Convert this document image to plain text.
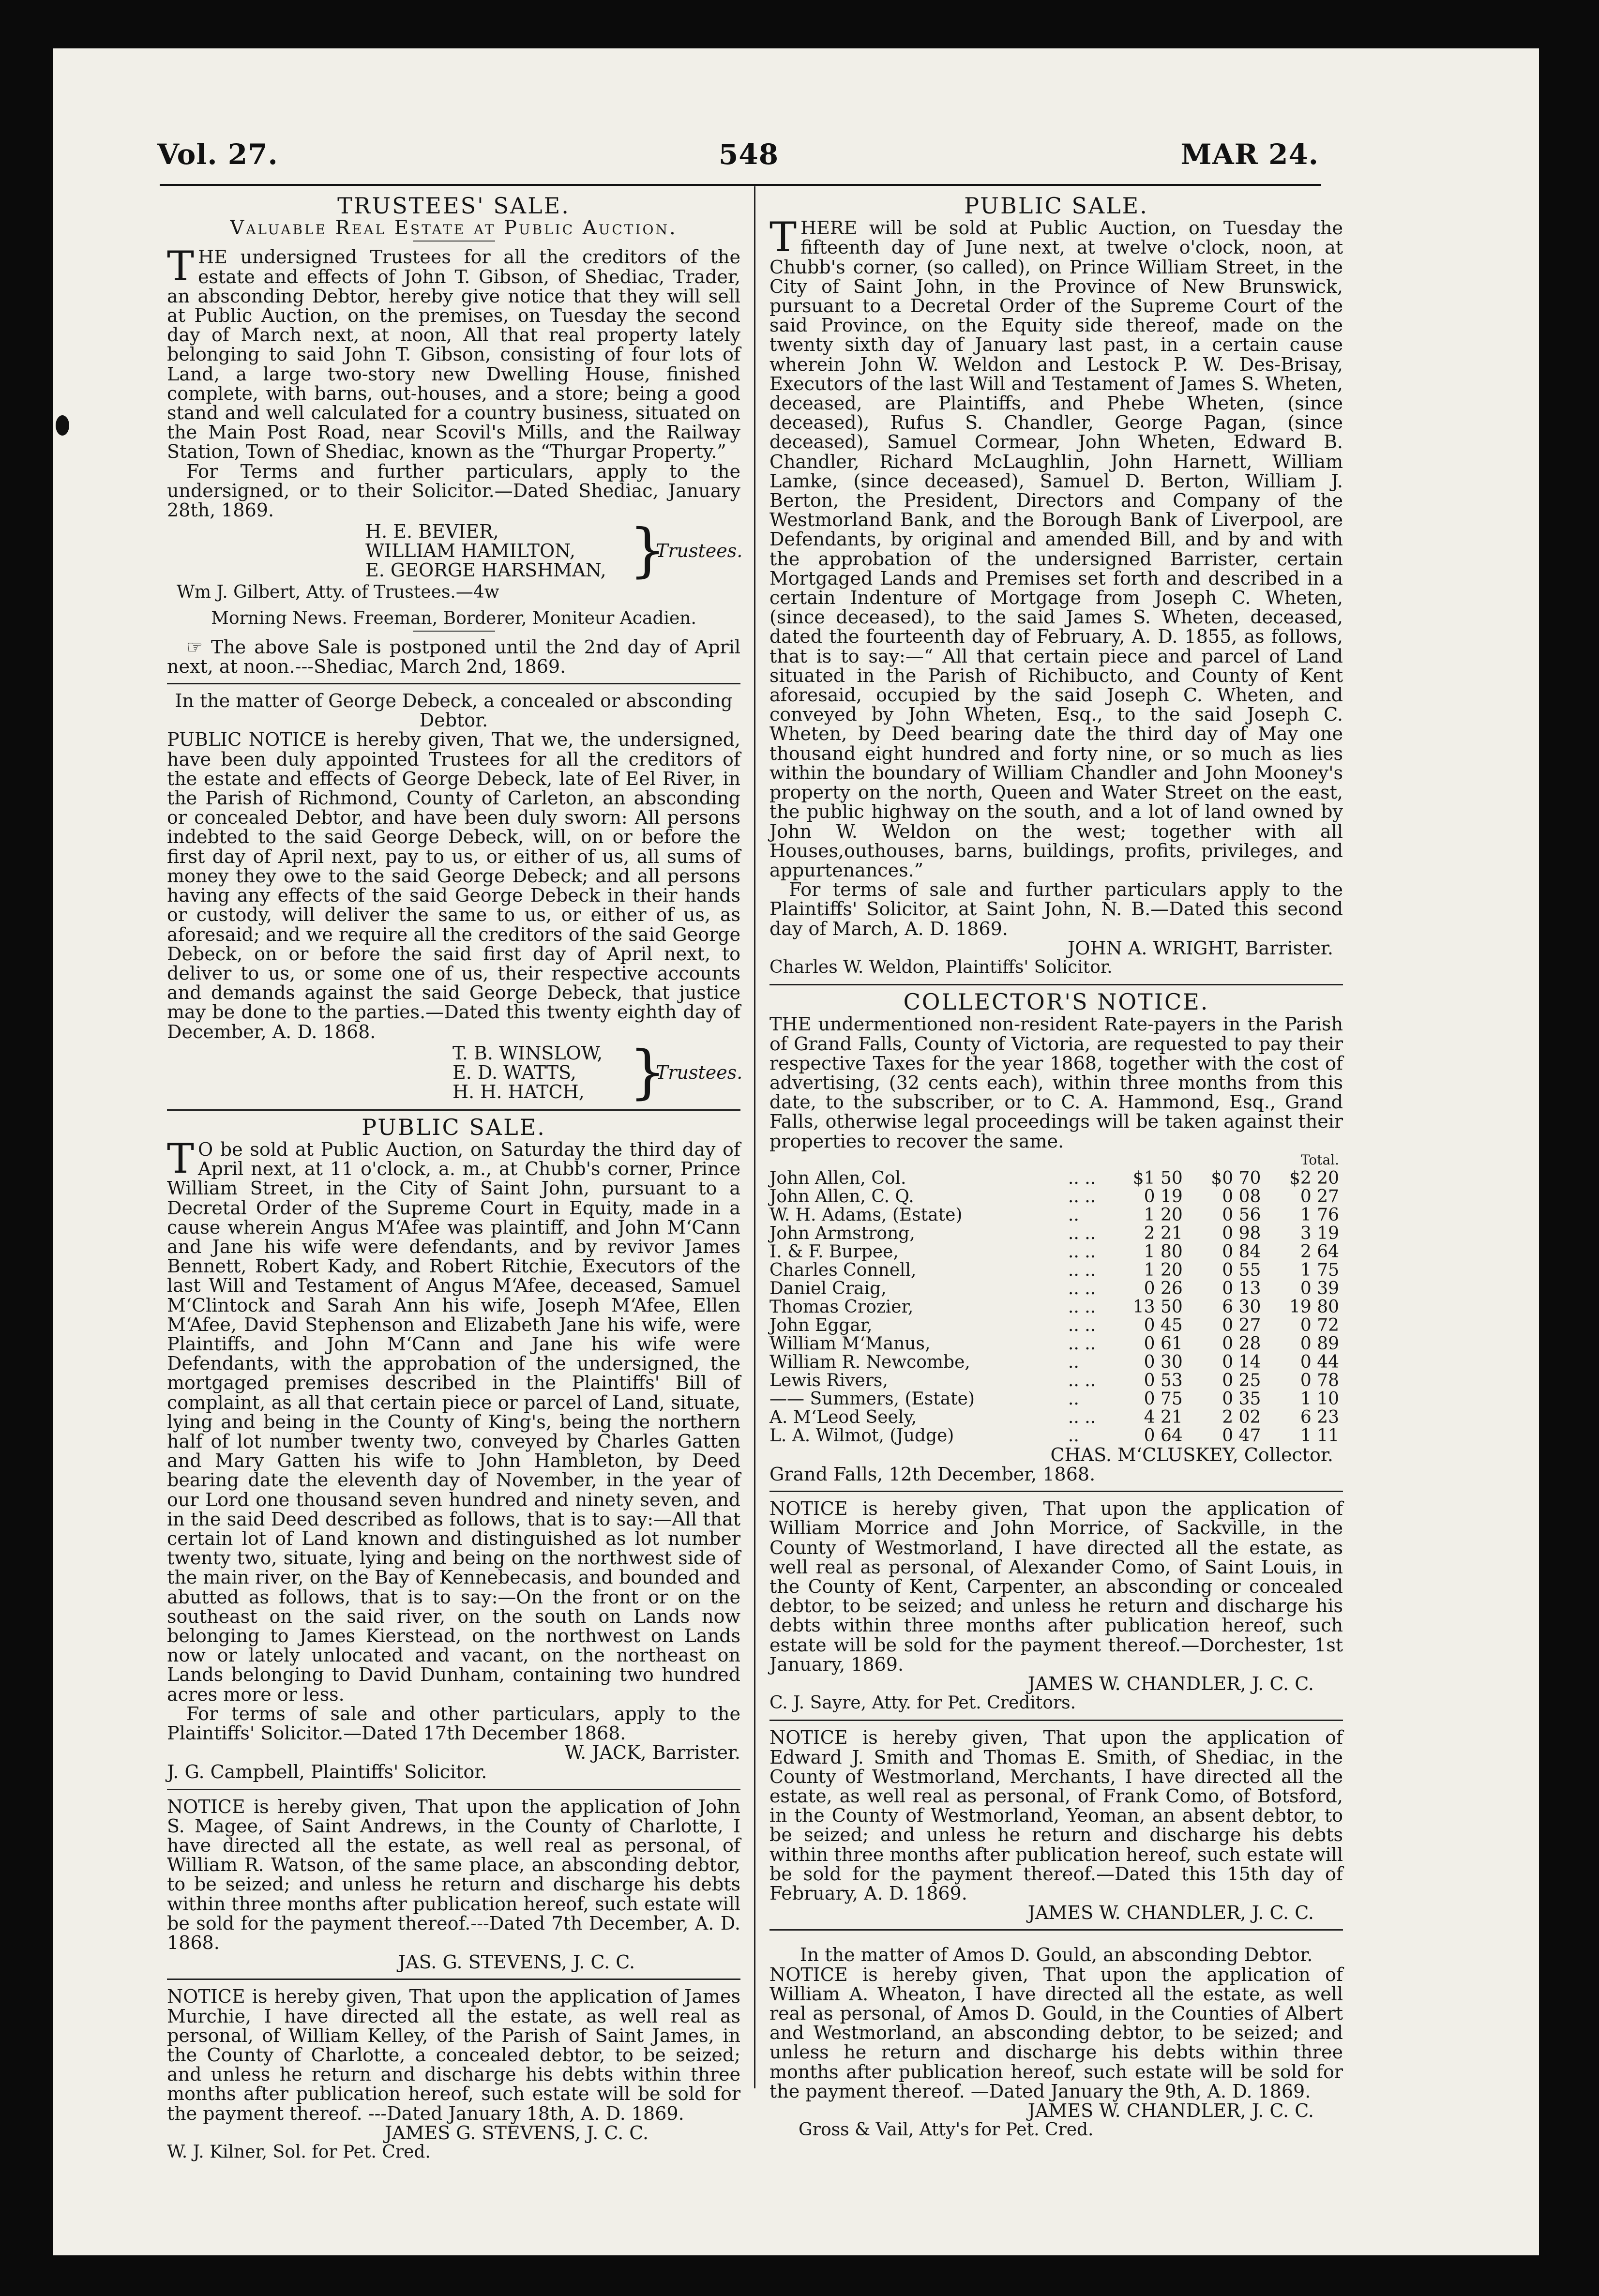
Vol. 27.	548	MAR 24.
TRUSTEES' SALE.
Valuable Real Estate at Public Auction.

THE undersigned Trustees for all the creditors of the estate and effects of John T. Gibson, of Shediac, Trader, an absconding Debtor, hereby give notice that they will sell at Public Auction, on the premises, on Tuesday the second day of March next, at noon, All that real property lately belonging to said John T. Gibson, consisting of four lots of Land, a large two-story new Dwelling House, finished complete, with barns, out-houses, and a store; being a good stand and well calculated for a country business, situated on the Main Post Road, near Scovil's Mills, and the Railway Station, Town of Shediac, known as the “Thurgar Property.”

For Terms and further particulars, apply to the undersigned, or to their Solicitor.—Dated Shediac, January 28th, 1869.

H. E. BEVIER,
WILLIAM HAMILTON,
E. GEORGE HARSHMAN, }
Trustees.

Wm J. Gilbert, Atty. of Trustees.—4w

Morning News. Freeman, Borderer, Moniteur Acadien.

☞ The above Sale is postponed until the 2nd day of April next, at noon.---Shediac, March 2nd, 1869.

In the matter of George Debeck, a concealed or absconding Debtor.

PUBLIC NOTICE is hereby given, That we, the undersigned, have been duly appointed Trustees for all the creditors of the estate and effects of George Debeck, late of Eel River, in the Parish of Richmond, County of Carleton, an absconding or concealed Debtor, and have been duly sworn: All persons indebted to the said George Debeck, will, on or before the first day of April next, pay to us, or either of us, all sums of money they owe to the said George Debeck; and all persons having any effects of the said George Debeck in their hands or custody, will deliver the same to us, or either of us, as aforesaid; and we require all the creditors of the said George Debeck, on or before the said first day of April next, to deliver to us, or some one of us, their respective accounts and demands against the said George Debeck, that justice may be done to the parties.—Dated this twenty eighth day of December, A. D. 1868.

T. B. WINSLOW,
E. D. WATTS,
H. H. HATCH, }
Trustees.
PUBLIC SALE.

T O be sold at Public Auction, on Saturday the third day of April next, at 11 o'clock, a. m., at Chubb's corner, Prince William Street, in the City of Saint John, pursuant to a Decretal Order of the Supreme Court in Equity, made in a cause wherein Angus M‘Afee was plaintiff, and John M‘Cann and Jane his wife were defendants, and by revivor James Bennett, Robert Kady, and Robert Ritchie, Executors of the last Will and Testament of Angus M‘Afee, deceased, Samuel M‘Clintock and Sarah Ann his wife, Joseph M‘Afee, Ellen M‘Afee, David Stephenson and Elizabeth Jane his wife, were Plaintiffs, and John M‘Cann and Jane his wife were Defendants, with the approbation of the undersigned, the mortgaged premises described in the Plaintiffs' Bill of complaint, as all that certain piece or parcel of Land, situate, lying and being in the County of King's, being the northern half of lot number twenty two, conveyed by Charles Gatten and Mary Gatten his wife to John Hambleton, by Deed bearing date the eleventh day of November, in the year of our Lord one thousand seven hundred and ninety seven, and in the said Deed described as follows, that is to say:—All that certain lot of Land known and distinguished as lot number twenty two, situate, lying and being on the northwest side of the main river, on the Bay of Kennebecasis, and bounded and abutted as follows, that is to say:—On the front or on the southeast on the said river, on the south on Lands now belonging to James Kierstead, on the northwest on Lands now or lately unlocated and vacant, on the northeast on Lands belonging to David Dunham, containing two hundred acres more or less.

For terms of sale and other particulars, apply to the Plaintiffs' Solicitor.—Dated 17th December 1868.

W. JACK, Barrister.

J. G. Campbell, Plaintiffs' Solicitor.

NOTICE is hereby given, That upon the application of John S. Magee, of Saint Andrews, in the County of Charlotte, I have directed all the estate, as well real as personal, of William R. Watson, of the same place, an absconding debtor, to be seized; and unless he return and discharge his debts within three months after publication hereof, such estate will be sold for the payment thereof.---Dated 7th December, A. D. 1868.

JAS. G. STEVENS, J. C. C.

NOTICE is hereby given, That upon the application of James Murchie, I have directed all the estate, as well real as personal, of William Kelley, of the Parish of Saint James, in the County of Charlotte, a concealed debtor, to be seized; and unless he return and discharge his debts within three months after publication hereof, such estate will be sold for the payment thereof. ---Dated January 18th, A. D. 1869.

JAMES G. STEVENS, J. C. C.

W. J. Kilner, Sol. for Pet. Cred.

PUBLIC SALE.

THERE will be sold at Public Auction, on Tuesday the fifteenth day of June next, at twelve o'clock, noon, at Chubb's corner, (so called), on Prince William Street, in the City of Saint John, in the Province of New Brunswick, pursuant to a Decretal Order of the Supreme Court of the said Province, on the Equity side thereof, made on the twenty sixth day of January last past, in a certain cause wherein John W. Weldon and Lestock P. W. Des-Brisay, Executors of the last Will and Testament of James S. Wheten, deceased, are Plaintiffs, and Phebe Wheten, (since deceased), Rufus S. Chandler, George Pagan, (since deceased), Samuel Cormear, John Wheten, Edward B. Chandler, Richard McLaughlin, John Harnett, William Lamke, (since deceased), Samuel D. Berton, William J. Berton, the President, Directors and Company of the Westmorland Bank, and the Borough Bank of Liverpool, are Defendants, by original and amended Bill, and by and with the approbation of the undersigned Barrister, certain Mortgaged Lands and Premises set forth and described in a certain Indenture of Mortgage from Joseph C. Wheten, (since deceased), to the said James S. Wheten, deceased, dated the fourteenth day of February, A. D. 1855, as follows, that is to say:—“ All that certain piece and parcel of Land situated in the Parish of Richibucto, and County of Kent aforesaid, occupied by the said Joseph C. Wheten, and conveyed by John Wheten, Esq., to the said Joseph C. Wheten, by Deed bearing date the third day of May one thousand eight hundred and forty nine, or so much as lies within the boundary of William Chandler and John Mooney's property on the north, Queen and Water Street on the east, the public highway on the south, and a lot of land owned by John W. Weldon on the west; together with all Houses,outhouses, barns, buildings, profits, privileges, and appurtenances.”

For terms of sale and further particulars apply to the Plaintiffs' Solicitor, at Saint John, N. B.—Dated this second day of March, A. D. 1869.

JOHN A. WRIGHT, Barrister.

Charles W. Weldon, Plaintiffs' Solicitor.

COLLECTOR'S NOTICE.

THE undermentioned non-resident Rate-payers in the Parish of Grand Falls, County of Victoria, are requested to pay their respective Taxes for the year 1868, together with the cost of advertising, (32 cents each), within three months from this date, to the subscriber, or to C. A. Hammond, Esq., Grand Falls, otherwise legal proceedings will be taken against their properties to recover the same.

				Total.
John Allen, Col.	.. ..	$1 50	$0 70	$2 20
John Allen, C. Q.	.. ..	0 19	0 08	0 27
W. H. Adams, (Estate)	..	1 20	0 56	1 76
John Armstrong,	.. ..	2 21	0 98	3 19
I. & F. Burpee,	.. ..	1 80	0 84	2 64
Charles Connell,	.. ..	1 20	0 55	1 75
Daniel Craig,	.. ..	0 26	0 13	0 39
Thomas Crozier,	.. ..	13 50	6 30	19 80
John Eggar,	.. ..	0 45	0 27	0 72
William M‘Manus,	.. ..	0 61	0 28	0 89
William R. Newcombe,	..	0 30	0 14	0 44
Lewis Rivers,	.. ..	0 53	0 25	0 78
—— Summers, (Estate)	..	0 75	0 35	1 10
A. M‘Leod Seely,	.. ..	4 21	2 02	6 23
L. A. Wilmot, (Judge)	..	0 64	0 47	1 11

CHAS. M‘CLUSKEY, Collector.

Grand Falls, 12th December, 1868.

NOTICE is hereby given, That upon the application of William Morrice and John Morrice, of Sackville, in the County of Westmorland, I have directed all the estate, as well real as personal, of Alexander Como, of Saint Louis, in the County of Kent, Carpenter, an absconding or concealed debtor, to be seized; and unless he return and discharge his debts within three months after publication hereof, such estate will be sold for the payment thereof.—Dorchester, 1st January, 1869.

JAMES W. CHANDLER, J. C. C.

C. J. Sayre, Atty. for Pet. Creditors.

NOTICE is hereby given, That upon the application of Edward J. Smith and Thomas E. Smith, of Shediac, in the County of Westmorland, Merchants, I have directed all the estate, as well real as personal, of Frank Como, of Botsford, in the County of Westmorland, Yeoman, an absent debtor, to be seized; and unless he return and discharge his debts within three months after publication hereof, such estate will be sold for the payment thereof.—Dated this 15th day of February, A. D. 1869.

JAMES W. CHANDLER, J. C. C.

In the matter of Amos D. Gould, an absconding Debtor.

NOTICE is hereby given, That upon the application of William A. Wheaton, I have directed all the estate, as well real as personal, of Amos D. Gould, in the Counties of Albert and Westmorland, an absconding debtor, to be seized; and unless he return and discharge his debts within three months after publication hereof, such estate will be sold for the payment thereof. —Dated January the 9th, A. D. 1869.

JAMES W. CHANDLER, J. C. C.

Gross & Vail, Atty's for Pet. Cred.
